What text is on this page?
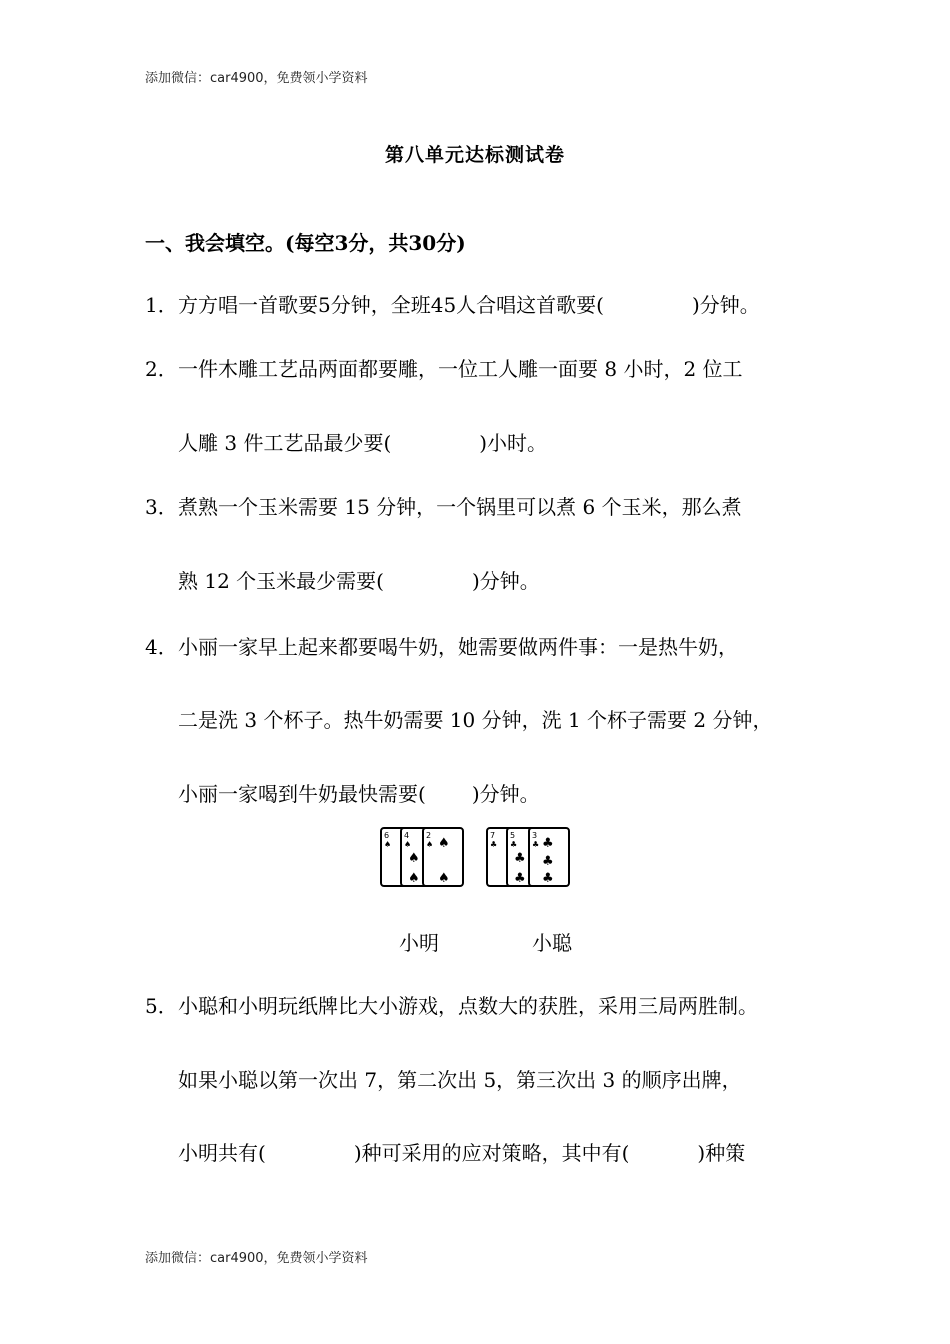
添加微信：car4900，免费领小学资料
第八单元达标测试卷
一、我会填空。(每空3分，共30分)
1． 方方唱一首歌要5分钟，全班45人合唱这首歌要(	)分钟。
2． 一件木雕工艺品两面都要雕，一位工人雕一面要 8 小时，2 位工
人雕 3 件工艺品最少要(	)小时。
3． 煮熟一个玉米需要 15 分钟，一个锅里可以煮 6 个玉米，那么煮
熟 12 个玉米最少需要(	)分钟。
4． 小丽一家早上起来都要喝牛奶，她需要做两件事：一是热牛奶，
二是洗 3 个杯子。热牛奶需要 10 分钟，洗 1 个杯子需要 2 分钟，
小丽一家喝到牛奶最快需要( )分钟。
6
♠
4
♠
♠
♠
2
♠ ♠
♠
7
♣
5
♣
♣
♣
3
♣ ♣
♣
♣
小明	小聪
5． 小聪和小明玩纸牌比大小游戏，点数大的获胜，采用三局两胜制。
如果小聪以第一次出 7，第二次出 5，第三次出 3 的顺序出牌，
小明共有(	)种可采用的应对策略，其中有(	)种策
添加微信：car4900，免费领小学资料
